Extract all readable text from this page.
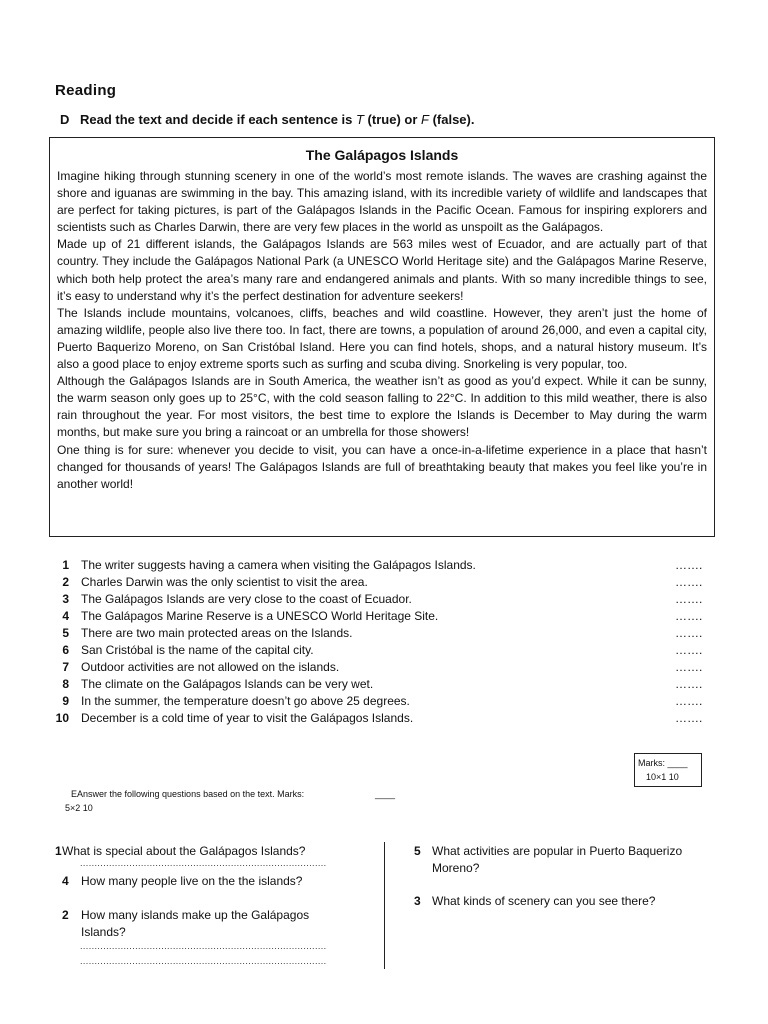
Reading
D Read the text and decide if each sentence is T (true) or F (false).
The Galápagos Islands

Imagine hiking through stunning scenery in one of the world’s most remote islands. The waves are crashing against the shore and iguanas are swimming in the bay. This amazing island, with its incredible variety of wildlife and landscapes that are perfect for taking pictures, is part of the Galápagos Islands in the Pacific Ocean. Famous for inspiring explorers and scientists such as Charles Darwin, there are very few places in the world as unspoilt as the Galápagos.

Made up of 21 different islands, the Galápagos Islands are 563 miles west of Ecuador, and are actually part of that country. They include the Galápagos National Park (a UNESCO World Heritage site) and the Galápagos Marine Reserve, which both help protect the area’s many rare and endangered animals and plants. With so many incredible things to see, it’s easy to understand why it’s the perfect destination for adventure seekers!

The Islands include mountains, volcanoes, cliffs, beaches and wild coastline. However, they aren’t just the home of amazing wildlife, people also live there too. In fact, there are towns, a population of around 26,000, and even a capital city, Puerto Baquerizo Moreno, on San Cristóbal Island. Here you can find hotels, shops, and a natural history museum. It’s also a good place to enjoy extreme sports such as surfing and scuba diving. Snorkeling is very popular, too.

Although the Galápagos Islands are in South America, the weather isn’t as good as you’d expect. While it can be sunny, the warm season only goes up to 25°C, with the cold season falling to 22°C. In addition to this mild weather, there is also rain throughout the year. For most visitors, the best time to explore the Islands is December to May during the warm months, but make sure you bring a raincoat or an umbrella for those showers!

One thing is for sure: whenever you decide to visit, you can have a once-in-a-lifetime experience in a place that hasn’t changed for thousands of years! The Galápagos Islands are full of breathtaking beauty that makes you feel like you’re in another world!

1 The writer suggests having a camera when visiting the Galápagos Islands.	…….
2 Charles Darwin was the only scientist to visit the area.	…….
3 The Galápagos Islands are very close to the coast of Ecuador.	…….
4 The Galápagos Marine Reserve is a UNESCO World Heritage Site.	…….
5 There are two main protected areas on the Islands.	…….
6 San Cristóbal is the name of the capital city.	…….
7 Outdoor activities are not allowed on the islands.	…….
8 The climate on the Galápagos Islands can be very wet.	…….
9 In the summer, the temperature doesn’t go above 25 degrees.	…….
10 December is a cold time of year to visit the Galápagos Islands.	…….
Marks: ____
10×1 10
EAnswer the following questions based on the text. Marks:	____
5×2 10
1 What is special about the Galápagos Islands?
.....................................................................................
4 How many people live on the the islands?
2 How many islands make up the Galápagos
Islands?
.....................................................................................
.....................................................................................
5 What activities are popular in Puerto Baquerizo
Moreno?
3 What kinds of scenery can you see there?
